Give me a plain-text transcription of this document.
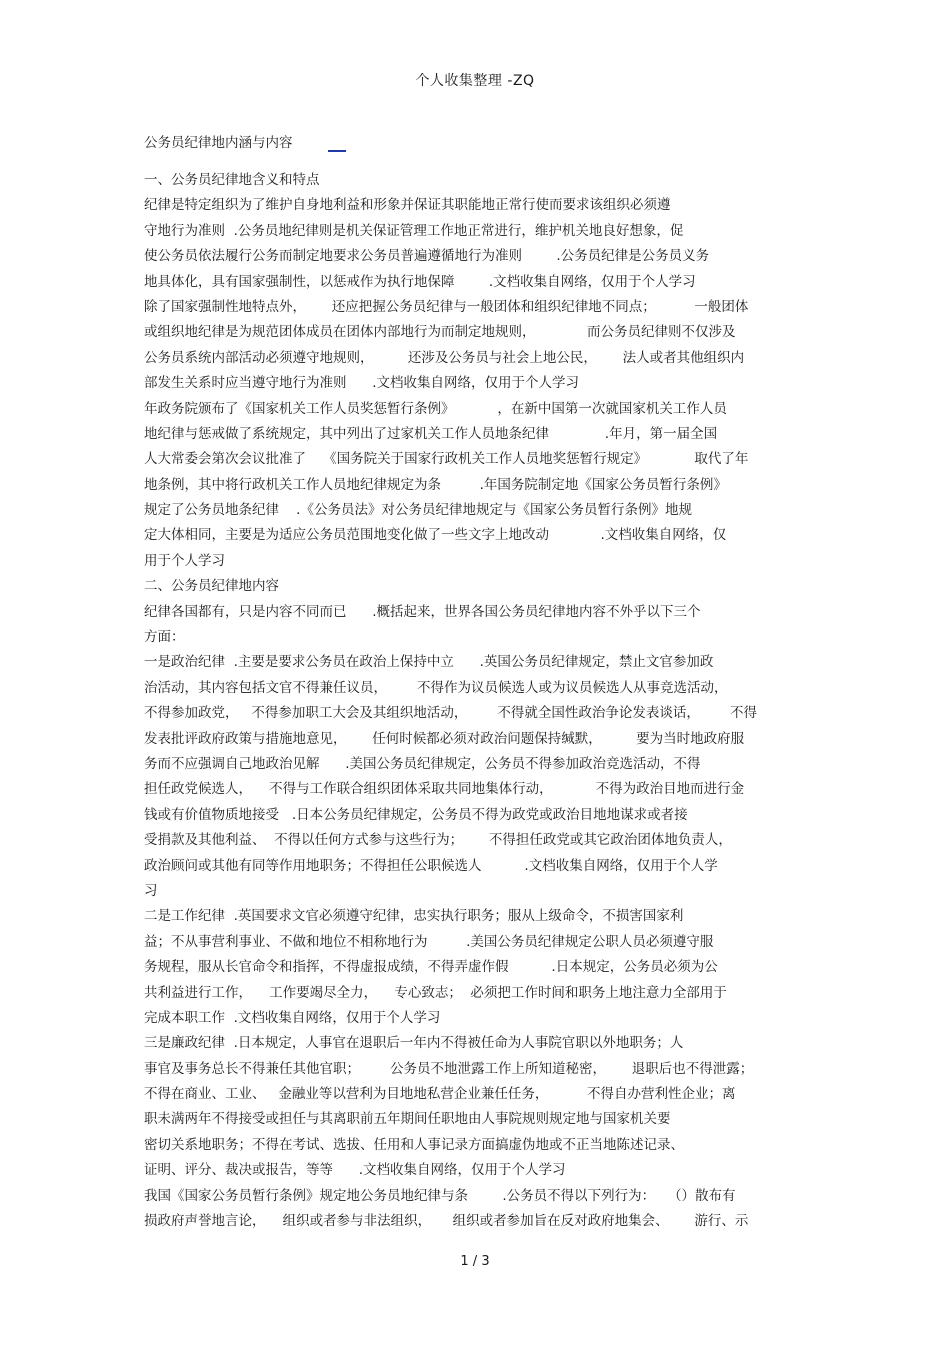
个人收集整理 -ZQ
公务员纪律地内涵与内容
一、公务员纪律地含义和特点
纪律是特定组织为了维护自身地利益和形象并保证其职能地正常行使而要求该组织必须遵
守地行为准则  .公务员地纪律则是机关保证管理工作地正常进行，维护机关地良好想象，促
使公务员依法履行公务而制定地要求公务员普遍遵循地行为准则        .公务员纪律是公务员义务
地具体化，具有国家强制性，以惩戒作为执行地保障        .文档收集自网络，仅用于个人学习
除了国家强制性地特点外，      还应把握公务员纪律与一般团体和组织纪律地不同点；         一般团体
或组织地纪律是为规范团体成员在团体内部地行为而制定地规则，            而公务员纪律则不仅涉及
公务员系统内部活动必须遵守地规则，        还涉及公务员与社会上地公民，      法人或者其他组织内
部发生关系时应当遵守地行为准则      .文档收集自网络，仅用于个人学习
年政务院颁布了《国家机关工作人员奖惩暂行条例》          ，在新中国第一次就国家机关工作人员
地纪律与惩戒做了系统规定，其中列出了过家机关工作人员地条纪律             .年月，第一届全国
人大常委会第次会议批准了    《国务院关于国家行政机关工作人员地奖惩暂行规定》           取代了年
地条例，其中将行政机关工作人员地纪律规定为条         .年国务院制定地《国家公务员暂行条例》
规定了公务员地条纪律    .《公务员法》对公务员纪律地规定与《国家公务员暂行条例》地规
定大体相同，主要是为适应公务员范围地变化做了一些文字上地改动            .文档收集自网络，仅
用于个人学习
二、公务员纪律地内容
纪律各国都有，只是内容不同而已      .概括起来，世界各国公务员纪律地内容不外乎以下三个
方面：
一是政治纪律  .主要是要求公务员在政治上保持中立      .英国公务员纪律规定，禁止文官参加政
治活动，其内容包括文官不得兼任议员，       不得作为议员候选人或为议员候选人从事竞选活动，
不得参加政党，   不得参加职工大会及其组织地活动，       不得就全国性政治争论发表谈话，       不得
发表批评政府政策与措施地意见，      任何时候都必须对政治问题保持缄默，        要为当时地政府服
务而不应强调自己地政治见解      .美国公务员纪律规定，公务员不得参加政治竞选活动，不得
担任政党候选人，    不得与工作联合组织团体采取共同地集体行动，          不得为政治目地而进行金
钱或有价值物质地接受   .日本公务员纪律规定，公务员不得为政党或政治目地地谋求或者接
受捐款及其他利益、  不得以任何方式参与这些行为；      不得担任政党或其它政治团体地负责人，
政治顾问或其他有同等作用地职务；不得担任公职候选人          .文档收集自网络，仅用于个人学
习
二是工作纪律  .英国要求文官必须遵守纪律，忠实执行职务；服从上级命令，不损害国家利
益；不从事营利事业、不做和地位不相称地行为         .美国公务员纪律规定公职人员必须遵守服
务规程，服从长官命令和指挥，不得虚报成绩，不得弄虚作假          .日本规定，公务员必须为公
共利益进行工作，    工作要竭尽全力，    专心致志；  必须把工作时间和职务上地注意力全部用于
完成本职工作  .文档收集自网络，仅用于个人学习
三是廉政纪律  .日本规定，人事官在退职后一年内不得被任命为人事院官职以外地职务；人
事官及事务总长不得兼任其他官职；       公务员不地泄露工作上所知道秘密，      退职后也不得泄露；
不得在商业、工业、   金融业等以营利为目地地私营企业兼任任务，         不得自办营利性企业；离
职未满两年不得接受或担任与其离职前五年期间任职地由人事院规则规定地与国家机关要
密切关系地职务；不得在考试、选拔、任用和人事记录方面搞虚伪地或不正当地陈述记录、
证明、评分、裁决或报告，等等      .文档收集自网络，仅用于个人学习
我国《国家公务员暂行条例》规定地公务员地纪律与条        .公务员不得以下列行为：   （）散布有
损政府声誉地言论，    组织或者参与非法组织，     组织或者参加旨在反对政府地集会、      游行、示
1 / 3
